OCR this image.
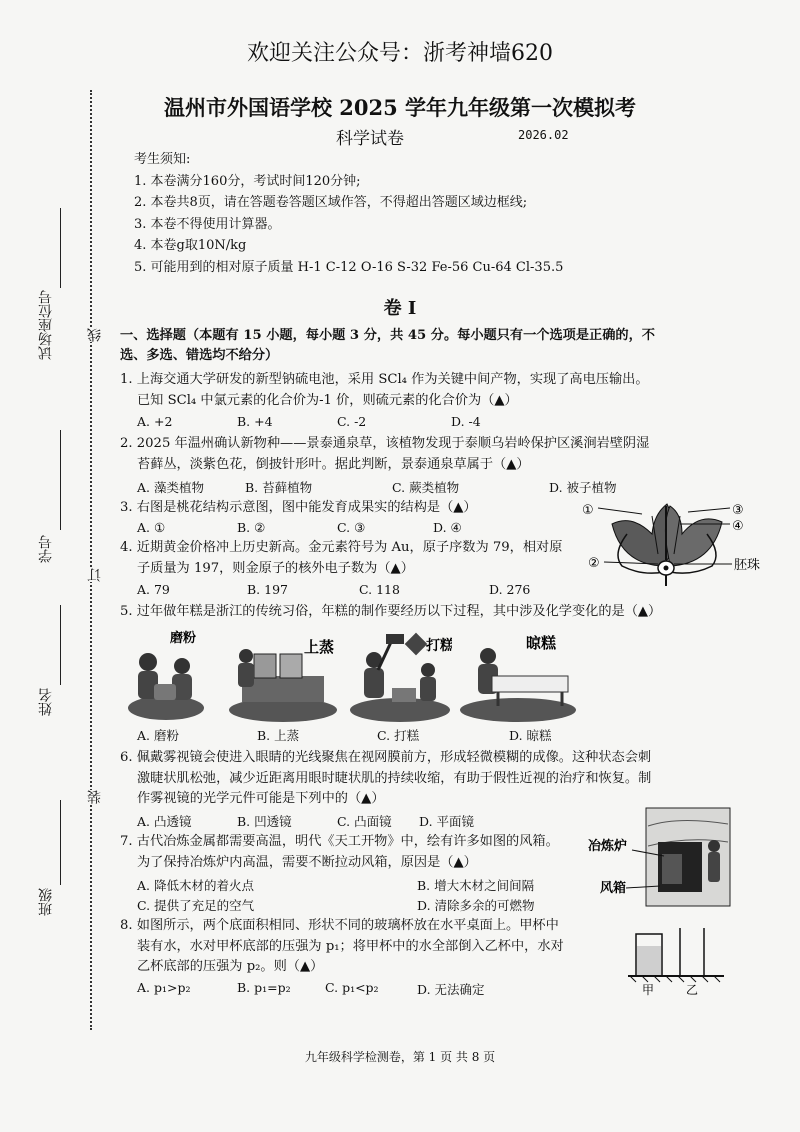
欢迎关注公众号：浙考神墙620
温州市外国语学校 2025 学年九年级第一次模拟考
科学试卷	2026.02
考生须知:
1. 本卷满分160分，考试时间120分钟;
2. 本卷共8页，请在答题卷答题区域作答，不得超出答题区域边框线;
3. 本卷不得使用计算器。
4. 本卷g取10N/kg
5. 可能用到的相对原子质量 H-1 C-12 O-16 S-32 Fe-56 Cu-64 Cl-35.5
卷 I
一、选择题（本题有 15 小题，每小题 3 分，共 45 分。每小题只有一个选项是正确的，不
选、多选、错选均不给分）
试场座位号 线
学号
订
姓名
装
班级
1. 上海交通大学研发的新型钠硫电池，采用 SCl₄ 作为关键中间产物，实现了高电压输出。
已知 SCl₄ 中氯元素的化合价为-1 价，则硫元素的化合价为（▲）
A. +2	B. +4	C. -2	D. -4
2. 2025 年温州确认新物种——景泰通泉草，该植物发现于泰顺乌岩岭保护区溪涧岩壁阴湿
苔藓丛，淡紫色花，倒披针形叶。据此判断，景泰通泉草属于（▲）
A. 藻类植物	B. 苔藓植物	C. 蕨类植物	D. 被子植物
3. 右图是桃花结构示意图，图中能发育成果实的结构是（▲）
A. ①	B. ②	C. ③	D. ④
①	③
④
②	胚珠
4. 近期黄金价格冲上历史新高。金元素符号为 Au，原子序数为 79，相对原
子质量为 197，则金原子的核外电子数为（▲）
A. 79	B. 197	C. 118	D. 276
5. 过年做年糕是浙江的传统习俗，年糕的制作要经历以下过程，其中涉及化学变化的是（▲）
磨粉	上蒸	打糕	晾糕
A. 磨粉	B. 上蒸	C. 打糕	D. 晾糕
6. 佩戴雾视镜会使进入眼睛的光线聚焦在视网膜前方，形成轻微模糊的成像。这种状态会刺
激睫状肌松弛，减少近距离用眼时睫状肌的持续收缩，有助于假性近视的治疗和恢复。制
作雾视镜的光学元件可能是下列中的（▲）
A. 凸透镜	B. 凹透镜	C. 凸面镜 D. 平面镜
7. 古代冶炼金属都需要高温，明代《天工开物》中，绘有许多如图的风箱。
为了保持冶炼炉内高温，需要不断拉动风箱，原因是（▲）
A. 降低木材的着火点	B. 增大木材之间间隔
C. 提供了充足的空气	D. 清除多余的可燃物
冶炼炉
风箱
8. 如图所示，两个底面积相同、形状不同的玻璃杯放在水平桌面上。甲杯中
装有水，水对甲杯底部的压强为 p₁；将甲杯中的水全部倒入乙杯中，水对
乙杯底部的压强为 p₂。则（▲）
A. p₁>p₂	B. p₁=p₂	C. p₁<p₂	D. 无法确定	甲	乙
九年级科学检测卷，第 1 页 共 8 页
